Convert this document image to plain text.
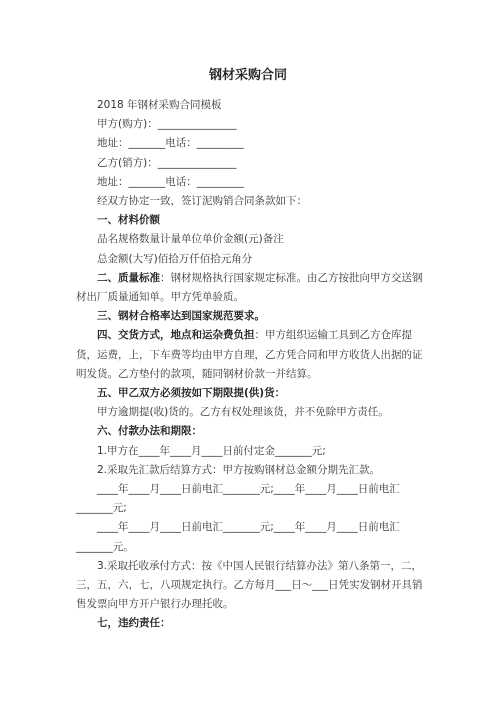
钢材采购合同

2018 年钢材采购合同模板

甲方(购方)：_______________

地址：_______电话：_________

乙方(销方)：_______________

地址：_______电话：_________

经双方协定一致，签订泥购销合同条款如下：

一、材料价额

品名规格数量计量单位单价金额(元)备注

总金额(大写)佰拾万仟佰拾元角分

二、质量标准：钢材规格执行国家规定标准。由乙方按批向甲方交送钢材出厂质量通知单。甲方凭单验质。

三、钢材合格率达到国家规范要求。

四、交货方式，地点和运杂费负担：甲方组织运输工具到乙方仓库提货，运费，上，下车费等均由甲方自理，乙方凭合同和甲方收货人出据的证明发货。乙方垫付的款项，随同钢材价款一并结算。

五、甲乙双方必须按如下期限提(供)货：

甲方逾期提(收)货的。乙方有权处理该货，并不免除甲方责任。

六、付款办法和期限：

1.甲方在____年____月____日前付定金_______元;

2.采取先汇款后结算方式：甲方按购钢材总金额分期先汇款。

____年____月____日前电汇_______元;____年____月____日前电汇_______元;

____年____月____日前电汇_______元;____年____月____日前电汇_______元。

3.采取托收承付方式：按《中国人民银行结算办法》第八条第一，二，三，五，六，七，八项规定执行。乙方每月___日～___日凭实发钢材开具销售发票向甲方开户银行办理托收。

七，违约责任：
